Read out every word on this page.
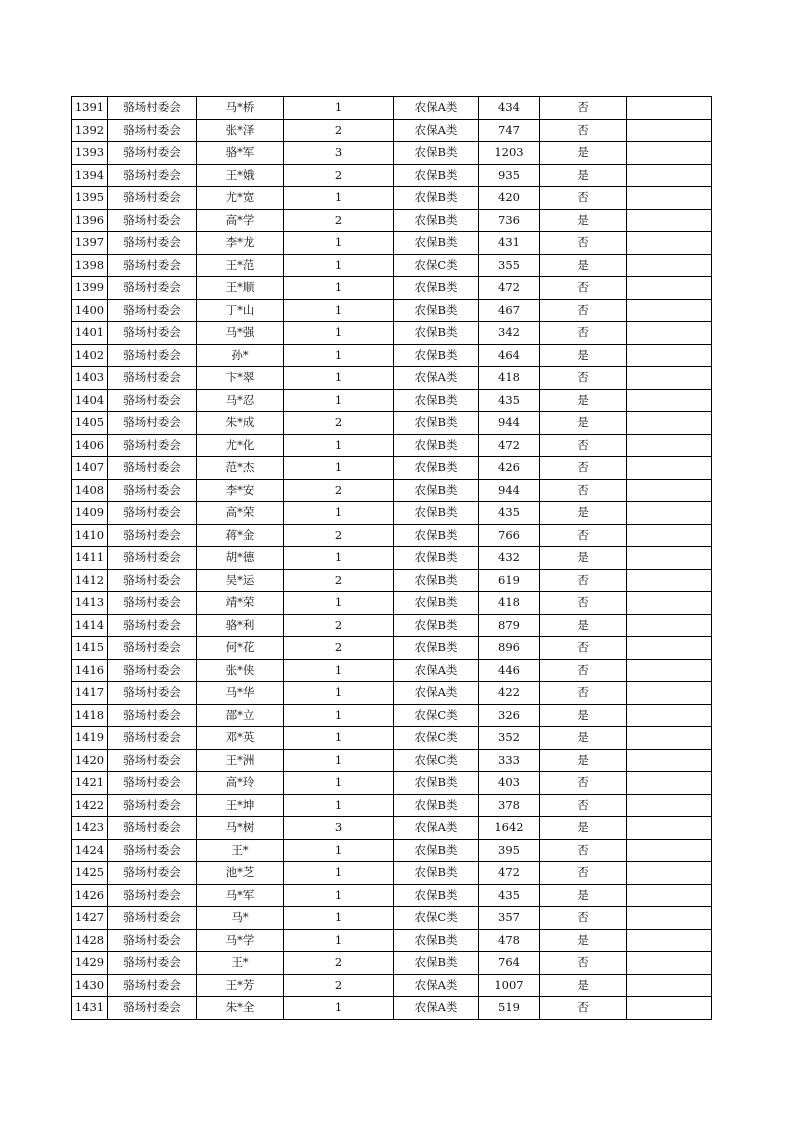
1391	骆场村委会	马*桥	1	农保A类	434	否	
1392	骆场村委会	张*泽	2	农保A类	747	否	
1393	骆场村委会	骆*军	3	农保B类	1203	是	
1394	骆场村委会	王*娥	2	农保B类	935	是	
1395	骆场村委会	尤*宽	1	农保B类	420	否	
1396	骆场村委会	高*学	2	农保B类	736	是	
1397	骆场村委会	李*龙	1	农保B类	431	否	
1398	骆场村委会	王*范	1	农保C类	355	是	
1399	骆场村委会	王*顺	1	农保B类	472	否	
1400	骆场村委会	丁*山	1	农保B类	467	否	
1401	骆场村委会	马*强	1	农保B类	342	否	
1402	骆场村委会	孙*	1	农保B类	464	是	
1403	骆场村委会	卞*翠	1	农保A类	418	否	
1404	骆场村委会	马*忍	1	农保B类	435	是	
1405	骆场村委会	朱*成	2	农保B类	944	是	
1406	骆场村委会	尤*化	1	农保B类	472	否	
1407	骆场村委会	范*杰	1	农保B类	426	否	
1408	骆场村委会	李*安	2	农保B类	944	否	
1409	骆场村委会	高*荣	1	农保B类	435	是	
1410	骆场村委会	蒋*金	2	农保B类	766	否	
1411	骆场村委会	胡*德	1	农保B类	432	是	
1412	骆场村委会	吴*运	2	农保B类	619	否	
1413	骆场村委会	靖*荣	1	农保B类	418	否	
1414	骆场村委会	骆*利	2	农保B类	879	是	
1415	骆场村委会	何*花	2	农保B类	896	否	
1416	骆场村委会	张*侠	1	农保A类	446	否	
1417	骆场村委会	马*华	1	农保A类	422	否	
1418	骆场村委会	邵*立	1	农保C类	326	是	
1419	骆场村委会	邓*英	1	农保C类	352	是	
1420	骆场村委会	王*洲	1	农保C类	333	是	
1421	骆场村委会	高*玲	1	农保B类	403	否	
1422	骆场村委会	王*坤	1	农保B类	378	否	
1423	骆场村委会	马*树	3	农保A类	1642	是	
1424	骆场村委会	王*	1	农保B类	395	否	
1425	骆场村委会	池*芝	1	农保B类	472	否	
1426	骆场村委会	马*军	1	农保B类	435	是	
1427	骆场村委会	马*	1	农保C类	357	否	
1428	骆场村委会	马*学	1	农保B类	478	是	
1429	骆场村委会	王*	2	农保B类	764	否	
1430	骆场村委会	王*芳	2	农保A类	1007	是	
1431	骆场村委会	朱*全	1	农保A类	519	否	
